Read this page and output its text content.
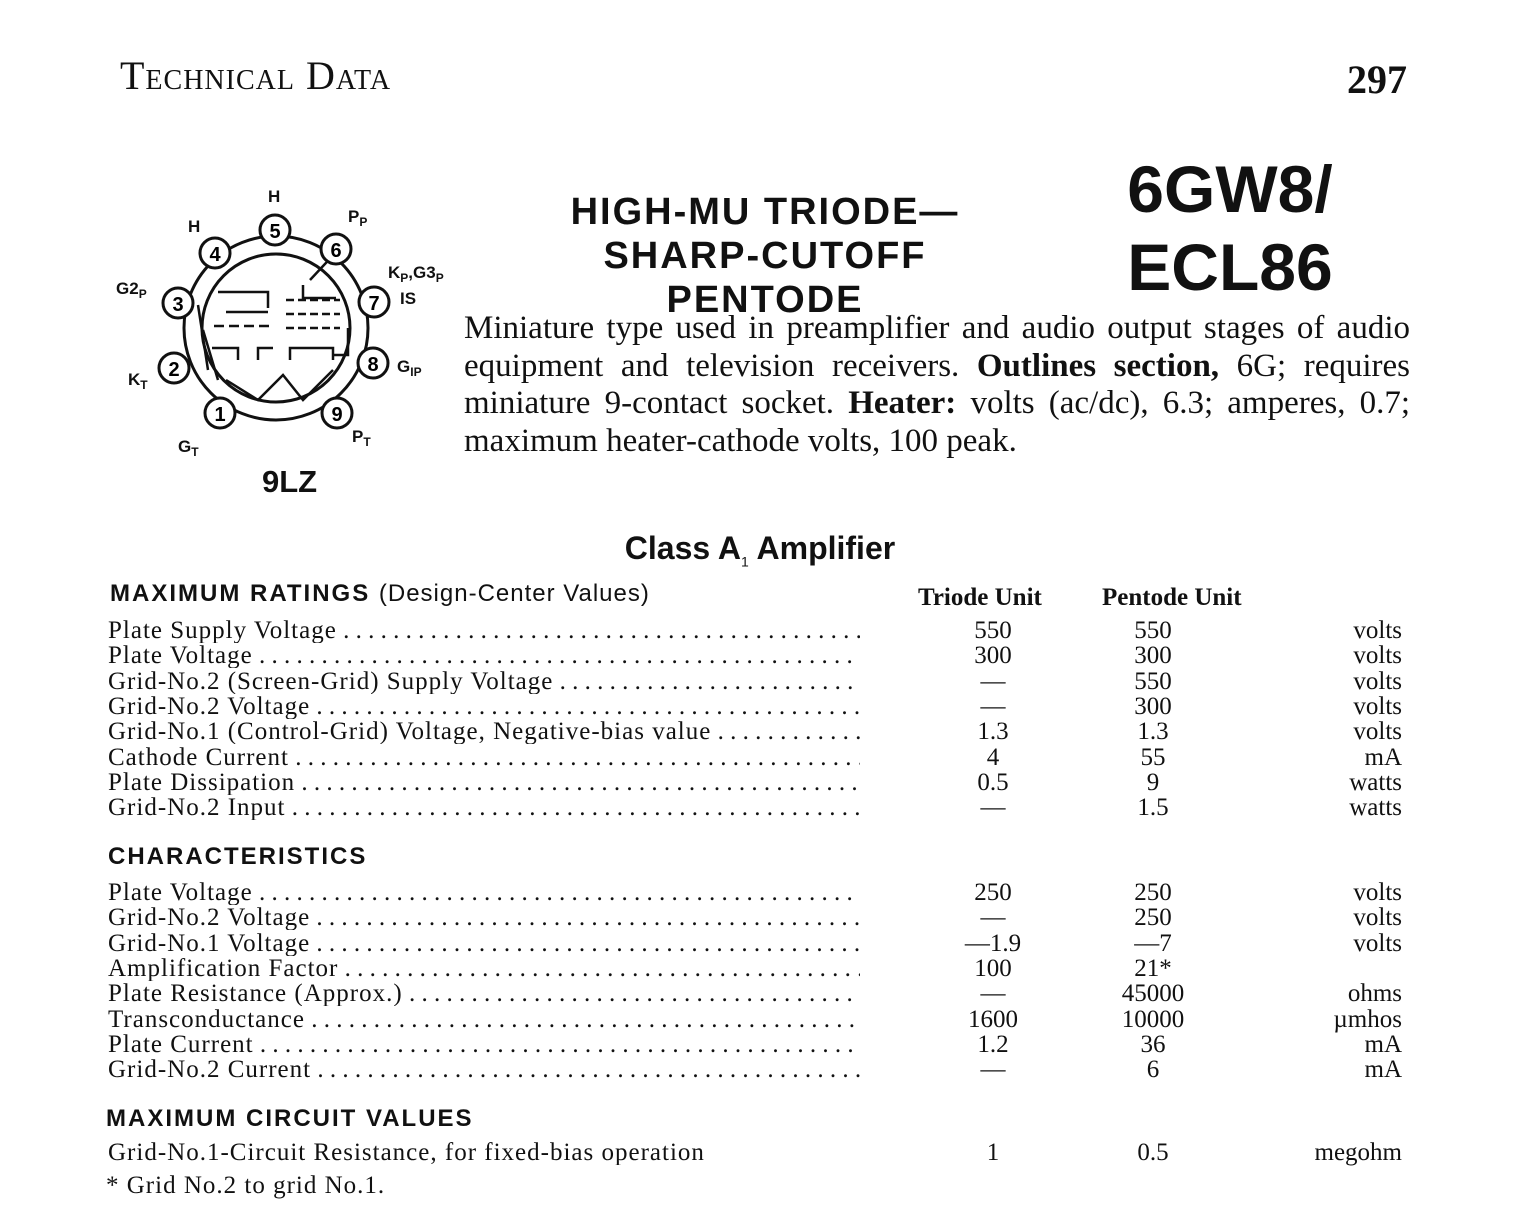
Technical Data	297
1
2
3
4
5
6
7
8
9
$G_T$
$K_T$
$G2_P$
H
H
$P_P$
$K_P,G3_P$
IS
$G_{IP}$
$P_T$
9LZ
HIGH-MU TRIODE—
SHARP-CUTOFF PENTODE
6GW8/
ECL86
Miniature type used in preamplifier and audio output stages of audio equipment and television receivers. Outlines section, 6G; requires miniature 9-contact socket. Heater: volts (ac/dc), 6.3; amperes, 0.7; maximum heater-cathode volts, 100 peak.
Class $A_1$ Amplifier
MAXIMUM RATINGS (Design-Center Values)	Triode Unit Pentode Unit
Plate Supply Voltage . . .	550	550	volts
Plate Voltage . . .	300	300	volts
Grid-No.2 (Screen-Grid) Supply Voltage . . .	—	550	volts
Grid-No.2 Voltage . . .	—	300	volts
Grid-No.1 (Control-Grid) Voltage, Negative-bias value . . .	1.3	1.3	volts
Cathode Current . . .	4	55	mA
Plate Dissipation . . .	0.5	9	watts
Grid-No.2 Input . . .	—	1.5	watts
CHARACTERISTICS
Plate Voltage . . .	250	250	volts
Grid-No.2 Voltage . . .	—	250	volts
Grid-No.1 Voltage . . .	—1.9	—7	volts
Amplification Factor . . .	100	21*
Plate Resistance (Approx.) . . .	—	45000	ohms
Transconductance . . .	1600	10000	µmhos
Plate Current . . .	1.2	36	mA
Grid-No.2 Current . . .	—	6	mA
MAXIMUM CIRCUIT VALUES
Grid-No.1-Circuit Resistance, for fixed-bias operation	1	0.5	megohm
* Grid No.2 to grid No.1.
